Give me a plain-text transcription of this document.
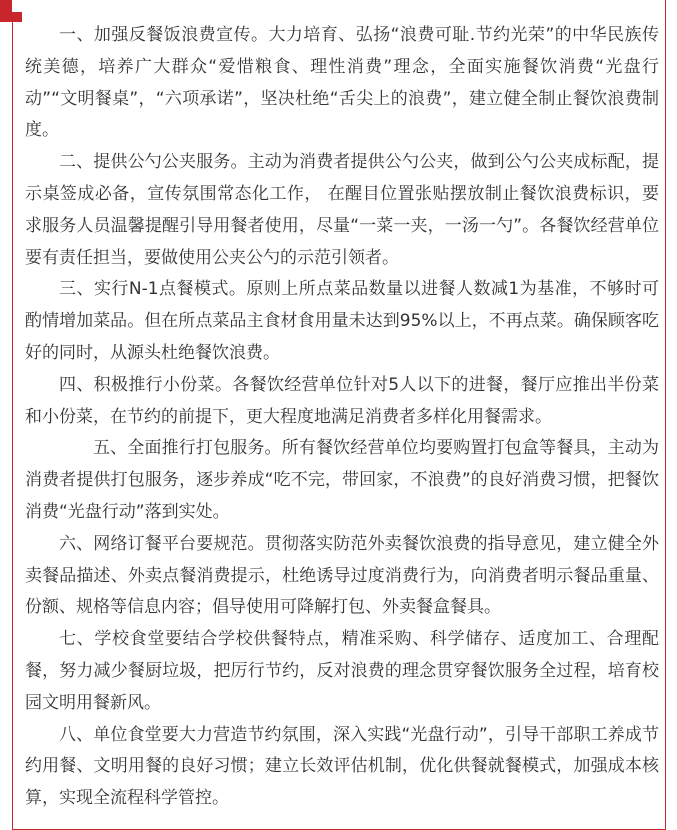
一、加强反餐饭浪费宣传。大力培育、弘扬“浪费可耻.节约光荣”的中华民族传统美德，培养广大群众“爱惜粮食、理性消费”理念，全面实施餐饮消费“光盘行动”“文明餐桌”，“六项承诺”，坚决杜绝“舌尖上的浪费”，建立健全制止餐饮浪费制度。

二、提供公勺公夹服务。主动为消费者提供公勺公夹，做到公勺公夹成标配，提示桌签成必备，宣传氛围常态化工作， 在醒目位置张贴摆放制止餐饮浪费标识，要求服务人员温馨提醒引导用餐者使用，尽量“一菜一夹，一汤一勺”。各餐饮经营单位要有责任担当，要做使用公夹公勺的示范引领者。

三、实行N-1点餐模式。原则上所点菜品数量以进餐人数减1为基准，不够时可酌情增加菜品。但在所点菜品主食材食用量未达到95%以上，不再点菜。确保顾客吃好的同时，从源头杜绝餐饮浪费。

四、积极推行小份菜。各餐饮经营单位针对5人以下的进餐，餐厅应推出半份菜和小份菜，在节约的前提下，更大程度地满足消费者多样化用餐需求。

五、全面推行打包服务。所有餐饮经营单位均要购置打包盒等餐具，主动为消费者提供打包服务，逐步养成“吃不完，带回家，不浪费”的良好消费习惯，把餐饮消费“光盘行动”落到实处。

六、网络订餐平台要规范。贯彻落实防范外卖餐饮浪费的指导意见，建立健全外卖餐品描述、外卖点餐消费提示，杜绝诱导过度消费行为，向消费者明示餐品重量、份额、规格等信息内容；倡导使用可降解打包、外卖餐盒餐具。

七、学校食堂要结合学校供餐特点，精准采购、科学储存、适度加工、合理配餐，努力减少餐厨垃圾，把厉行节约，反对浪费的理念贯穿餐饮服务全过程，培育校园文明用餐新风。

八、单位食堂要大力营造节约氛围，深入实践“光盘行动”，引导干部职工养成节约用餐、文明用餐的良好习惯；建立长效评估机制，优化供餐就餐模式，加强成本核算，实现全流程科学管控。
